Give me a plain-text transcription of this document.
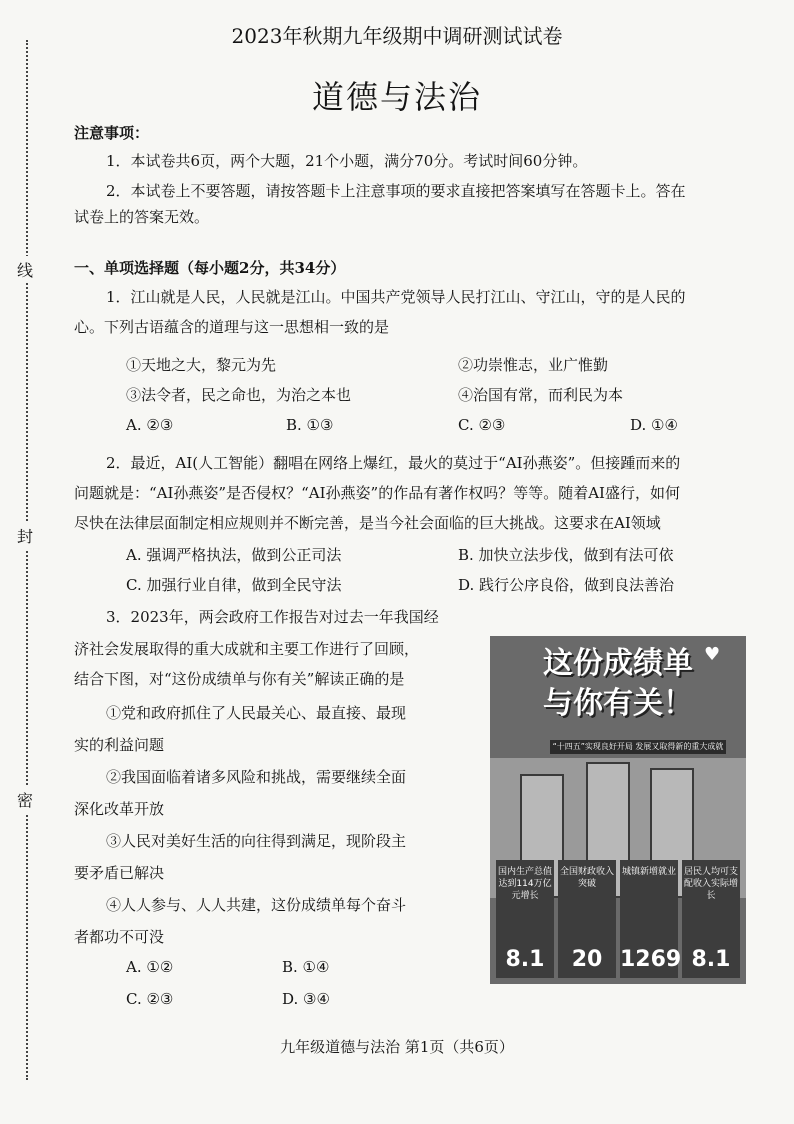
线
封
密
2023年秋期九年级期中调研测试试卷
道德与法治
注意事项：
1．本试卷共6页，两个大题，21个小题，满分70分。考试时间60分钟。
2．本试卷上不要答题，请按答题卡上注意事项的要求直接把答案填写在答题卡上。答在
试卷上的答案无效。
一、单项选择题（每小题2分，共34分）
1．江山就是人民，人民就是江山。中国共产党领导人民打江山、守江山，守的是人民的
心。下列古语蕴含的道理与这一思想相一致的是
①天地之大，黎元为先	②功崇惟志，业广惟勤
③法令者，民之命也，为治之本也	④治国有常，而利民为本
A. ②③	B. ①③	C. ②③	D. ①④
2．最近，AI(人工智能）翻唱在网络上爆红，最火的莫过于“AI孙燕姿”。但接踵而来的
问题就是：“AI孙燕姿”是否侵权？“AI孙燕姿”的作品有著作权吗？等等。随着AI盛行，如何
尽快在法律层面制定相应规则并不断完善，是当今社会面临的巨大挑战。这要求在AI领域
A. 强调严格执法，做到公正司法	B. 加快立法步伐，做到有法可依
C. 加强行业自律，做到全民守法	D. 践行公序良俗，做到良法善治
3．2023年，两会政府工作报告对过去一年我国经
济社会发展取得的重大成就和主要工作进行了回顾，
结合下图，对“这份成绩单与你有关”解读正确的是
①党和政府抓住了人民最关心、最直接、最现
实的利益问题
②我国面临着诸多风险和挑战，需要继续全面
深化改革开放
③人民对美好生活的向往得到满足，现阶段主
要矛盾已解决
④人人参与、人人共建，这份成绩单每个奋斗
者都功不可没
A. ①②	B. ①④
C. ②③	D. ③④
这份成绩单
与你有关！
♥
“十四五”实现良好开局 发展又取得新的重大成就
国内生产总值达到114万亿元增长
8.1
全国财政收入突破
20
城镇新增就业
1269
居民人均可支配收入实际增长
8.1
九年级道德与法治 第1页（共6页）
